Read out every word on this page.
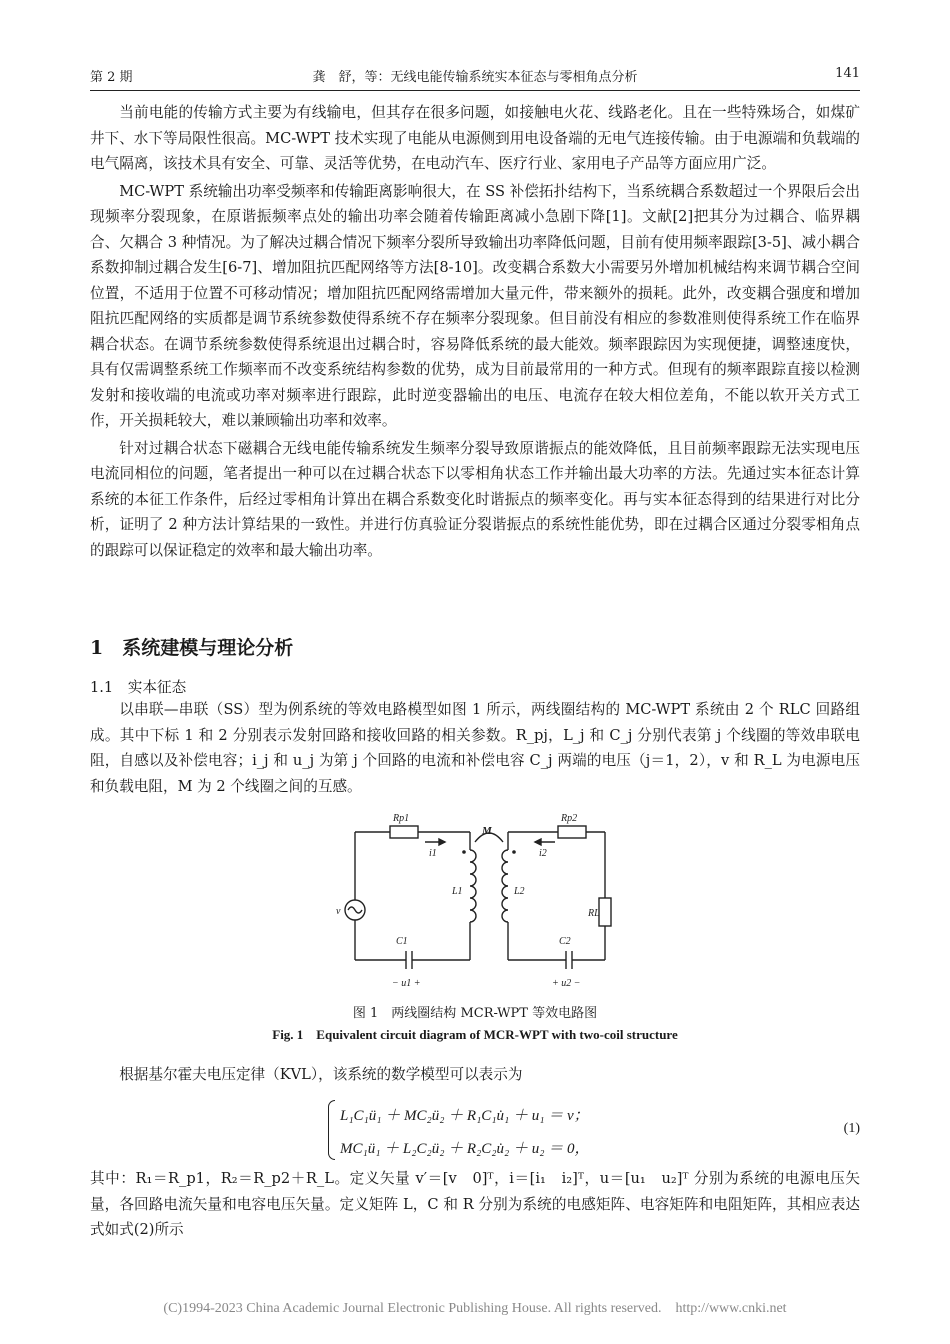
第 2 期	龚　舒，等：无线电能传输系统实本征态与零相角点分析	141

当前电能的传输方式主要为有线输电，但其存在很多问题，如接触电火花、线路老化。且在一些特殊场合，如煤矿井下、水下等局限性很高。MC-WPT 技术实现了电能从电源侧到用电设备端的无电气连接传输。由于电源端和负载端的电气隔离，该技术具有安全、可靠、灵活等优势，在电动汽车、医疗行业、家用电子产品等方面应用广泛。

MC-WPT 系统输出功率受频率和传输距离影响很大，在 SS 补偿拓扑结构下，当系统耦合系数超过一个界限后会出现频率分裂现象，在原谐振频率点处的输出功率会随着传输距离减小急剧下降[1]。文献[2]把其分为过耦合、临界耦合、欠耦合 3 种情况。为了解决过耦合情况下频率分裂所导致输出功率降低问题，目前有使用频率跟踪[3-5]、减小耦合系数抑制过耦合发生[6-7]、增加阻抗匹配网络等方法[8-10]。改变耦合系数大小需要另外增加机械结构来调节耦合空间位置，不适用于位置不可移动情况；增加阻抗匹配网络需增加大量元件，带来额外的损耗。此外，改变耦合强度和增加阻抗匹配网络的实质都是调节系统参数使得系统不存在频率分裂现象。但目前没有相应的参数准则使得系统工作在临界耦合状态。在调节系统参数使得系统退出过耦合时，容易降低系统的最大能效。频率跟踪因为实现便捷，调整速度快，具有仅需调整系统工作频率而不改变系统结构参数的优势，成为目前最常用的一种方式。但现有的频率跟踪直接以检测发射和接收端的电流或功率对频率进行跟踪，此时逆变器输出的电压、电流存在较大相位差角，不能以软开关方式工作，开关损耗较大，难以兼顾输出功率和效率。

针对过耦合状态下磁耦合无线电能传输系统发生频率分裂导致原谐振点的能效降低，且目前频率跟踪无法实现电压电流同相位的问题，笔者提出一种可以在过耦合状态下以零相角状态工作并输出最大功率的方法。先通过实本征态计算系统的本征工作条件，后经过零相角计算出在耦合系数变化时谐振点的频率变化。再与实本征态得到的结果进行对比分析，证明了 2 种方法计算结果的一致性。并进行仿真验证分裂谐振点的系统性能优势，即在过耦合区通过分裂零相角点的跟踪可以保证稳定的效率和最大输出功率。

1　系统建模与理论分析
1.1　实本征态

以串联—串联（SS）型为例系统的等效电路模型如图 1 所示，两线圈结构的 MC-WPT 系统由 2 个 RLC 回路组成。其中下标 1 和 2 分别表示发射回路和接收回路的相关参数。R_pj，L_j 和 C_j 分别代表第 j 个线圈的等效串联电阻，自感以及补偿电容；i_j 和 u_j 为第 j 个回路的电流和补偿电容 C_j 两端的电压（j＝1，2），v 和 R_L 为电源电压和负载电阻，M 为 2 个线圈之间的互感。

Rp1	Rp2
M
i1	i2
L1	L2
v	RL
C1	C2
− u1 +	+ u2 −
图 1　两线圈结构 MCR-WPT 等效电路图
Fig. 1　Equivalent circuit diagram of MCR-WPT with two-coil structure

根据基尔霍夫电压定律（KVL），该系统的数学模型可以表示为

L₁C₁ü₁ ＋ MC₂ü₂ ＋ R₁C₁u̇₁ ＋ u₁ ＝ v；
MC₁ü₁ ＋ L₂C₂ü₂ ＋ R₂C₂u̇₂ ＋ u₂ ＝ 0，
(1)
其中：R₁＝R_p1，R₂＝R_p2＋R_L。定义矢量 v′＝[v　0]ᵀ，i＝[i₁　i₂]ᵀ，u＝[u₁　u₂]ᵀ 分别为系统的电源电压矢量，各回路电流矢量和电容电压矢量。定义矩阵 L，C 和 R 分别为系统的电感矩阵、电容矩阵和电阻矩阵，其相应表达式如式(2)所示
(C)1994-2023 China Academic Journal Electronic Publishing House. All rights reserved.　http://www.cnki.net
